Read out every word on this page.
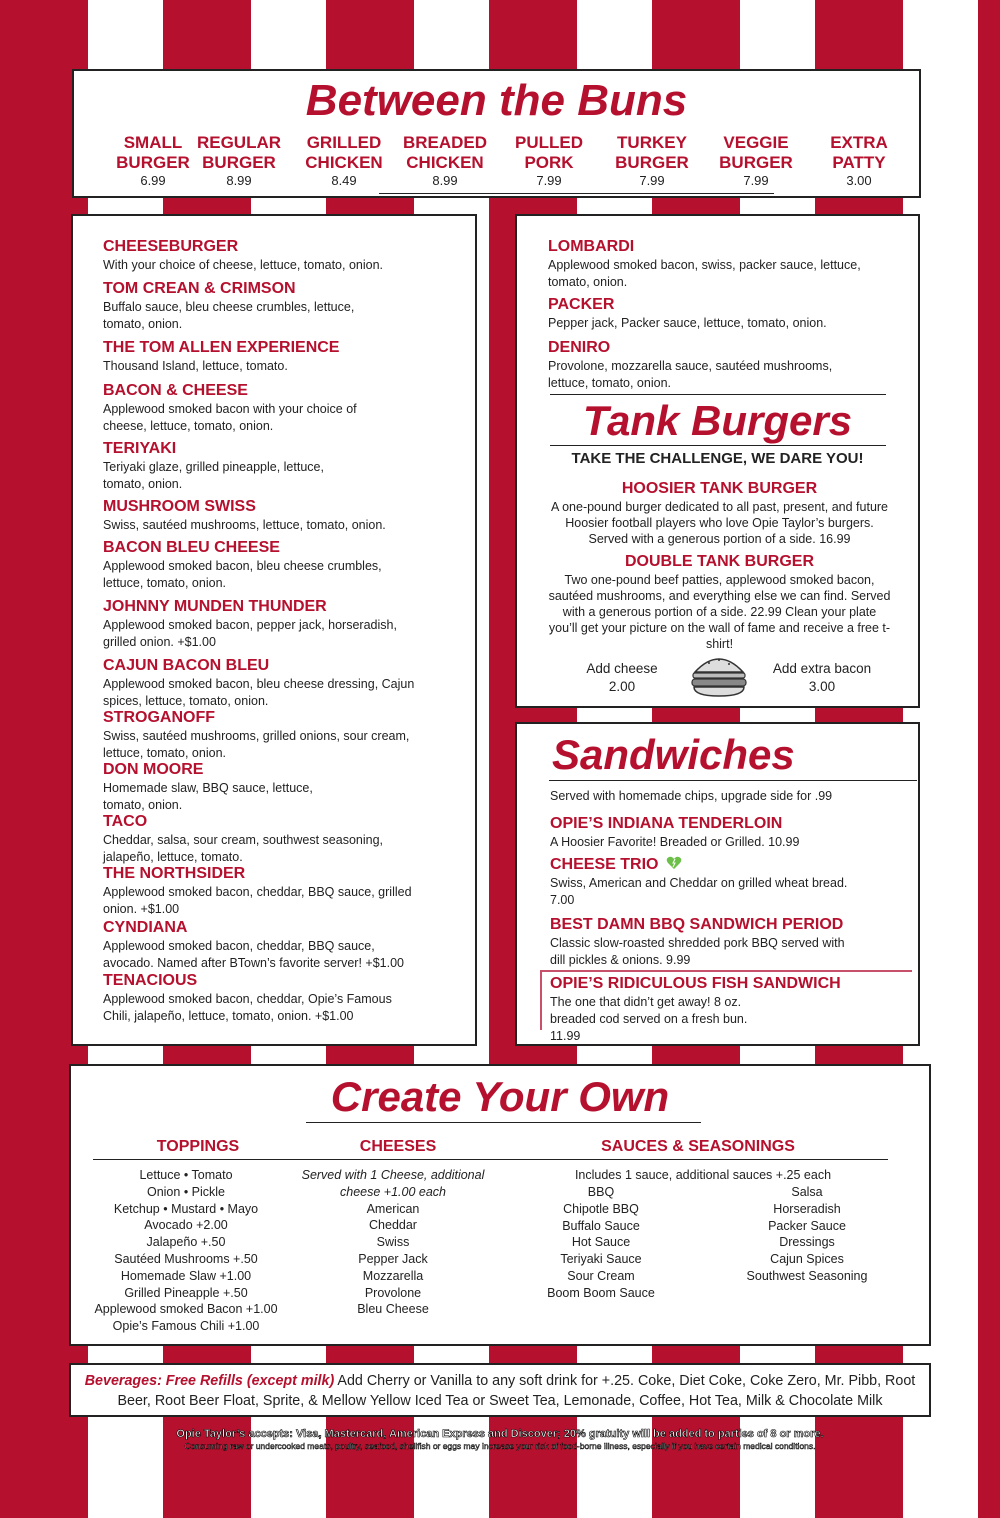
Between the Buns
SMALL
BURGER
6.99
REGULAR
BURGER
8.99
GRILLED
CHICKEN
8.49
BREADED
CHICKEN
8.99
PULLED
PORK
7.99
TURKEY
BURGER
7.99
VEGGIE
BURGER
7.99
EXTRA
PATTY
3.00
CHEESEBURGER
With your choice of cheese, lettuce, tomato, onion.
TOM CREAN & CRIMSON
Buffalo sauce, bleu cheese crumbles, lettuce, tomato, onion.
THE TOM ALLEN EXPERIENCE
Thousand Island, lettuce, tomato.
BACON & CHEESE
Applewood smoked bacon with your choice of cheese, lettuce, tomato, onion.
TERIYAKI
Teriyaki glaze, grilled pineapple, lettuce, tomato, onion.
MUSHROOM SWISS
Swiss, sautéed mushrooms, lettuce, tomato, onion.
BACON BLEU CHEESE
Applewood smoked bacon, bleu cheese crumbles, lettuce, tomato, onion.
JOHNNY MUNDEN THUNDER
Applewood smoked bacon, pepper jack, horseradish, grilled onion. +$1.00
CAJUN BACON BLEU
Applewood smoked bacon, bleu cheese dressing, Cajun spices, lettuce, tomato, onion.
STROGANOFF
Swiss, sautéed mushrooms, grilled onions, sour cream, lettuce, tomato, onion.
DON MOORE
Homemade slaw, BBQ sauce, lettuce, tomato, onion.
TACO
Cheddar, salsa, sour cream, southwest seasoning, jalapeño, lettuce, tomato.
THE NORTHSIDER
Applewood smoked bacon, cheddar, BBQ sauce, grilled onion. +$1.00
CYNDIANA
Applewood smoked bacon, cheddar, BBQ sauce, avocado. Named after BTown’s favorite server! +$1.00
TENACIOUS
Applewood smoked bacon, cheddar, Opie’s Famous Chili, jalapeño, lettuce, tomato, onion. +$1.00
LOMBARDI
Applewood smoked bacon, swiss, packer sauce, lettuce, tomato, onion.
PACKER
Pepper jack, Packer sauce, lettuce, tomato, onion.
DENIRO
Provolone, mozzarella sauce, sautéed mushrooms, lettuce, tomato, onion.
Tank Burgers
TAKE THE CHALLENGE, WE DARE YOU!
HOOSIER TANK BURGER
A one-pound burger dedicated to all past, present, and future Hoosier football players who love Opie Taylor’s burgers. Served with a generous portion of a side. 16.99
DOUBLE TANK BURGER
Two one-pound beef patties, applewood smoked bacon, sautéed mushrooms, and everything else we can find. Served with a generous portion of a side. 22.99 Clean your plate you’ll get your picture on the wall of fame and receive a free t-shirt!
Add cheese 2.00
Add extra bacon 3.00
Sandwiches
Served with homemade chips, upgrade side for .99
OPIE’S INDIANA TENDERLOIN
A Hoosier Favorite! Breaded or Grilled. 10.99
CHEESE TRIO
Swiss, American and Cheddar on grilled wheat bread. 7.00
BEST DAMN BBQ SANDWICH PERIOD
Classic slow-roasted shredded pork BBQ served with dill pickles & onions. 9.99
OPIE’S RIDICULOUS FISH SANDWICH
The one that didn’t get away! 8 oz. breaded cod served on a fresh bun. 11.99
Create Your Own
TOPPINGS	CHEESES	SAUCES & SEASONINGS
Lettuce • Tomato
Onion • Pickle
Ketchup • Mustard • Mayo
Avocado +2.00
Jalapeño +.50
Sautéed Mushrooms +.50
Homemade Slaw +1.00
Grilled Pineapple +.50
Applewood smoked Bacon +1.00
Opie’s Famous Chili +1.00
Served with 1 Cheese, additional cheese +1.00 each
American
Cheddar
Swiss
Pepper Jack
Mozzarella
Provolone
Bleu Cheese
Includes 1 sauce, additional sauces +.25 each
BBQ
Chipotle BBQ
Buffalo Sauce
Hot Sauce
Teriyaki Sauce
Sour Cream
Boom Boom Sauce
Salsa
Horseradish
Packer Sauce
Dressings
Cajun Spices
Southwest Seasoning
Beverages: Free Refills (except milk) Add Cherry or Vanilla to any soft drink for +.25. Coke, Diet Coke, Coke Zero, Mr. Pibb, Root Beer, Root Beer Float, Sprite, & Mellow Yellow Iced Tea or Sweet Tea, Lemonade, Coffee, Hot Tea, Milk & Chocolate Milk
Opie Taylor’s accepts: Visa, Mastercard, American Express and Discover; 20% gratuity will be added to parties of 8 or more.
Consuming raw or undercooked meats, poultry, seafood, shellfish or eggs may increase your risk of food-borne illness, especially if you have certain medical conditions.
